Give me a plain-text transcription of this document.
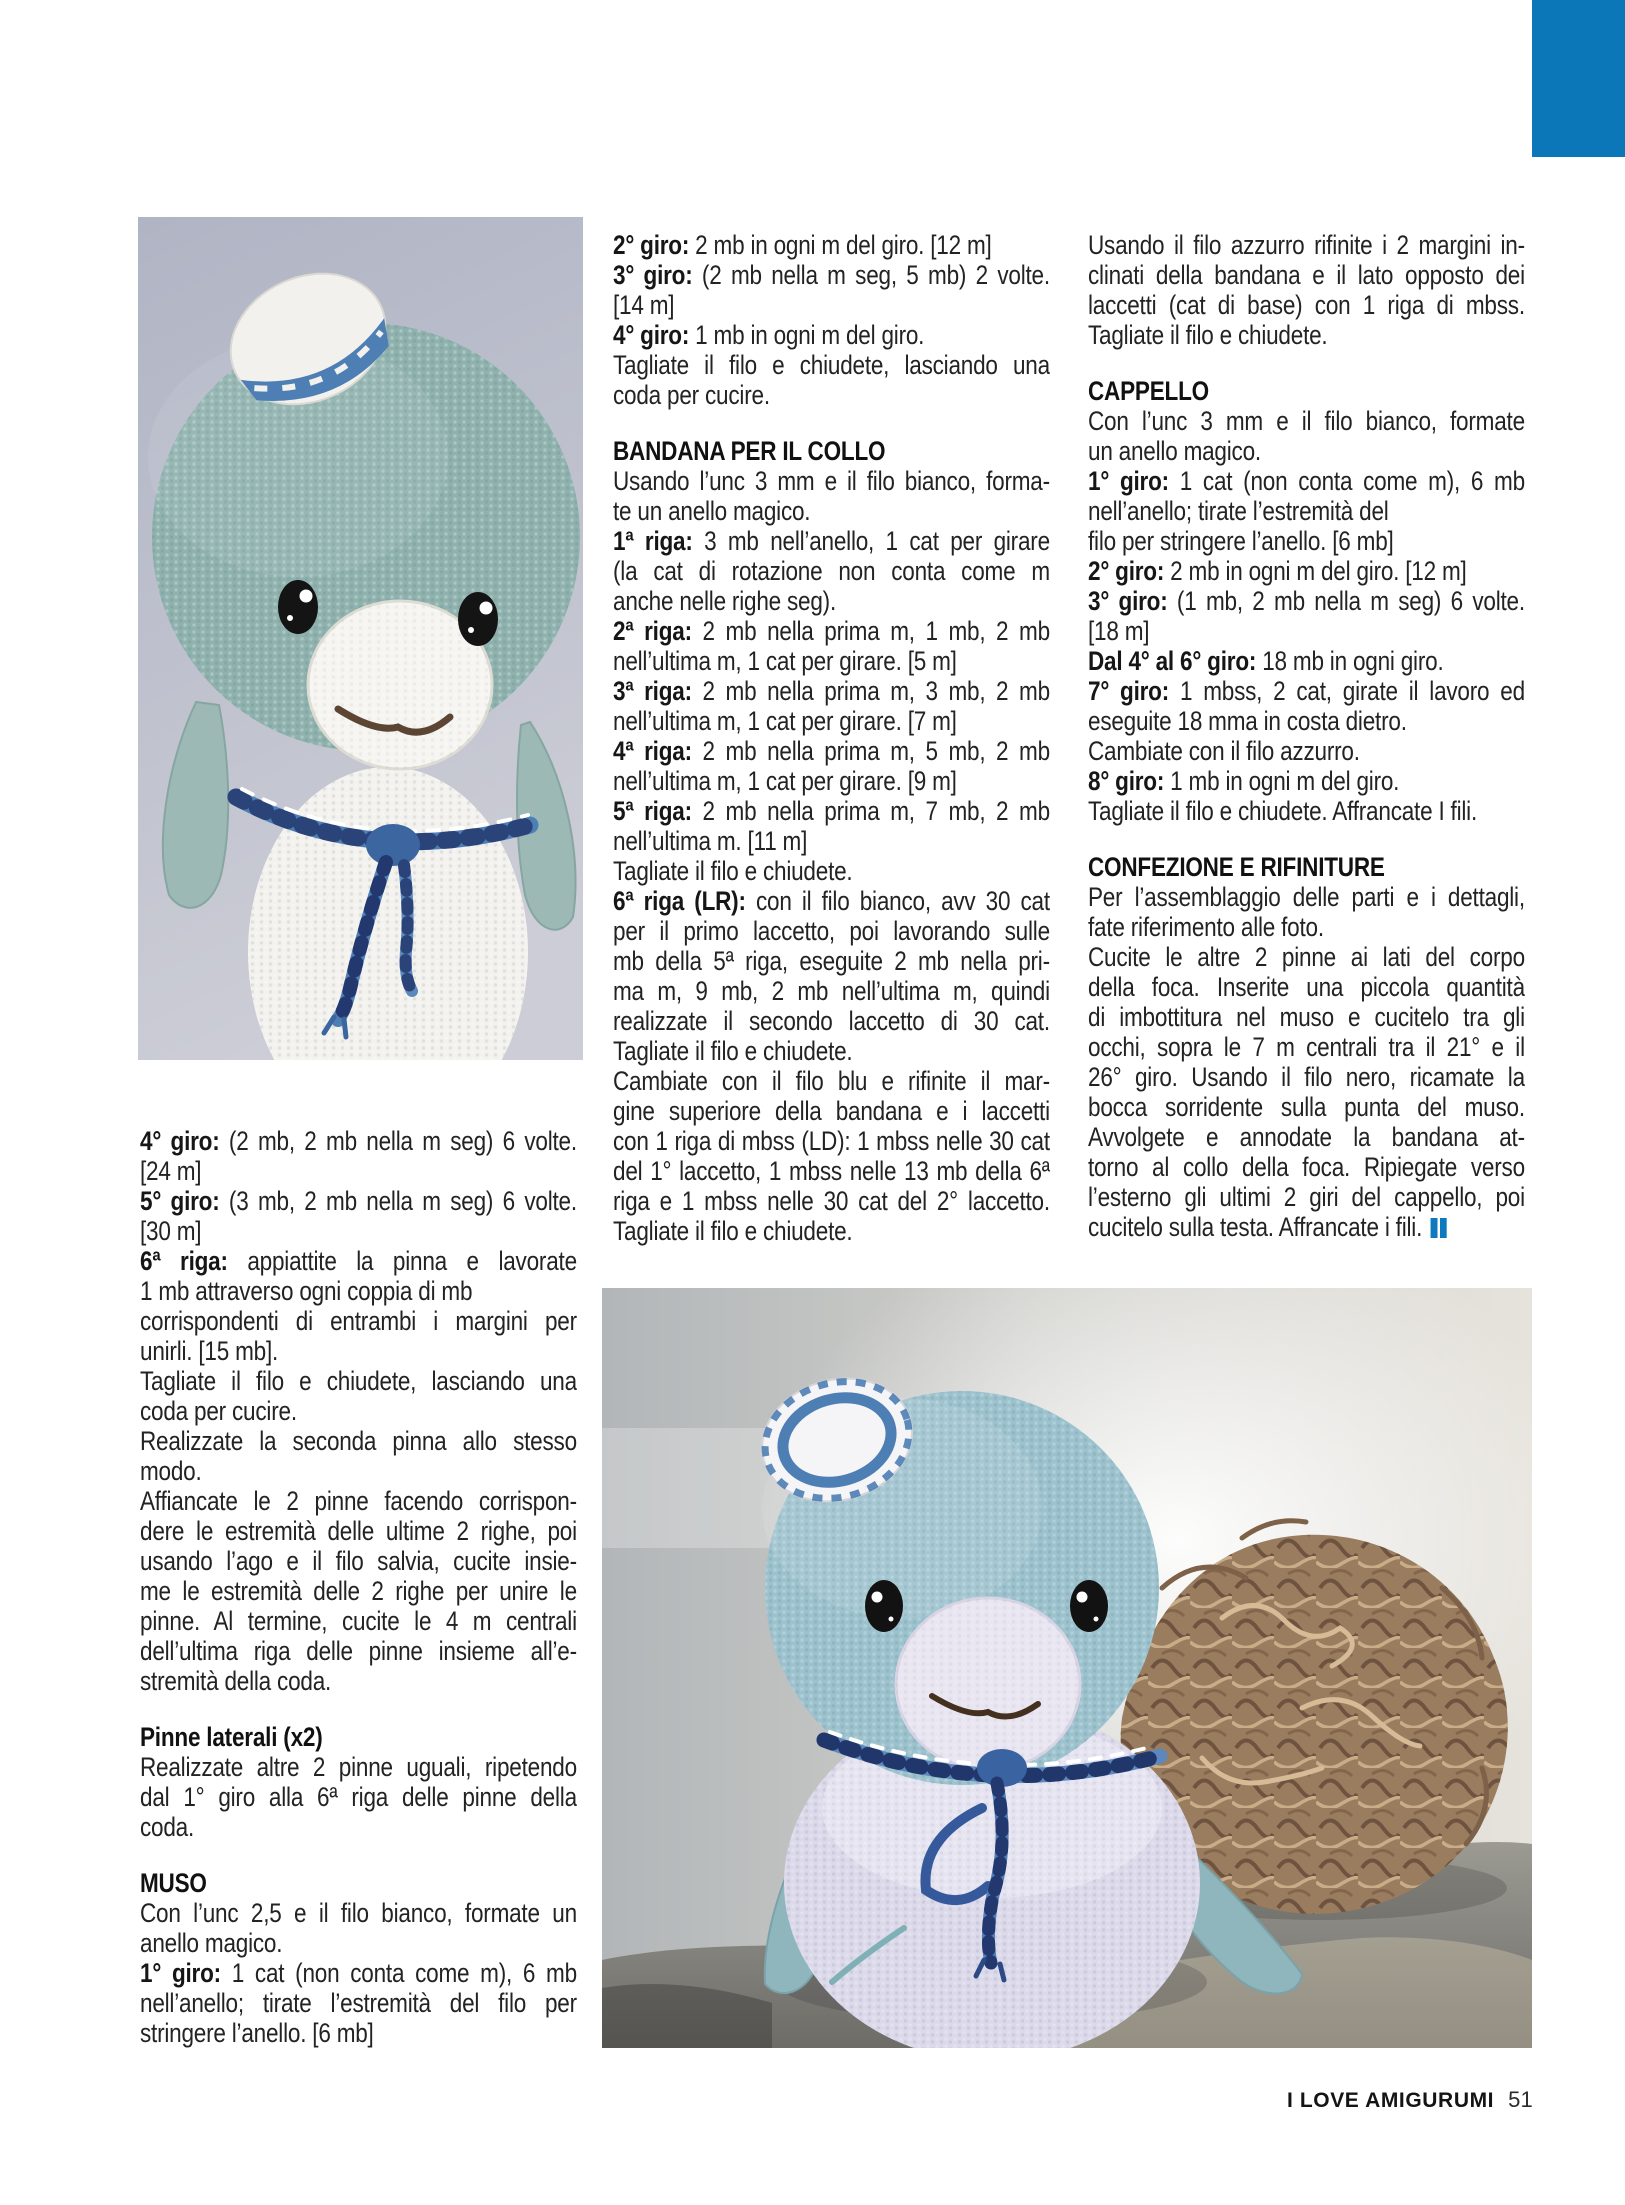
4° giro: (2 mb, 2 mb nella m seg) 6 volte.
[24 m]
5° giro: (3 mb, 2 mb nella m seg) 6 volte.
[30 m]
6ª riga: appiattite la pinna e lavorate
1 mb attraverso ogni coppia di mb
corrispondenti di entrambi i margini per
unirli. [15 mb].
Tagliate il filo e chiudete, lasciando una
coda per cucire.
Realizzate la seconda pinna allo stesso
modo.
Affiancate le 2 pinne facendo corrispon-
dere le estremità delle ultime 2 righe, poi
usando l’ago e il filo salvia, cucite insie-
me le estremità delle 2 righe per unire le
pinne. Al termine, cucite le 4 m centrali
dell’ultima riga delle pinne insieme all’e-
stremità della coda.
Pinne laterali (x2)
Realizzate altre 2 pinne uguali, ripetendo
dal 1° giro alla 6ª riga delle pinne della
coda.
MUSO
Con l’unc 2,5 e il filo bianco, formate un
anello magico.
1° giro: 1 cat (non conta come m), 6 mb
nell’anello; tirate l’estremità del filo per
stringere l’anello. [6 mb]
2° giro: 2 mb in ogni m del giro. [12 m]
3° giro: (2 mb nella m seg, 5 mb) 2 volte.
[14 m]
4° giro: 1 mb in ogni m del giro.
Tagliate il filo e chiudete, lasciando una
coda per cucire.
BANDANA PER IL COLLO
Usando l’unc 3 mm e il filo bianco, forma-
te un anello magico.
1ª riga: 3 mb nell’anello, 1 cat per girare
(la cat di rotazione non conta come m
anche nelle righe seg).
2ª riga: 2 mb nella prima m, 1 mb, 2 mb
nell’ultima m, 1 cat per girare. [5 m]
3ª riga: 2 mb nella prima m, 3 mb, 2 mb
nell’ultima m, 1 cat per girare. [7 m]
4ª riga: 2 mb nella prima m, 5 mb, 2 mb
nell’ultima m, 1 cat per girare. [9 m]
5ª riga: 2 mb nella prima m, 7 mb, 2 mb
nell’ultima m. [11 m]
Tagliate il filo e chiudete.
6ª riga (LR): con il filo bianco, avv 30 cat
per il primo laccetto, poi lavorando sulle
mb della 5ª riga, eseguite 2 mb nella pri-
ma m, 9 mb, 2 mb nell’ultima m, quindi
realizzate il secondo laccetto di 30 cat.
Tagliate il filo e chiudete.
Cambiate con il filo blu e rifinite il mar-
gine superiore della bandana e i laccetti
con 1 riga di mbss (LD): 1 mbss nelle 30 cat
del 1° laccetto, 1 mbss nelle 13 mb della 6ª
riga e 1 mbss nelle 30 cat del 2° laccetto.
Tagliate il filo e chiudete.
Usando il filo azzurro rifinite i 2 margini in-
clinati della bandana e il lato opposto dei
laccetti (cat di base) con 1 riga di mbss.
Tagliate il filo e chiudete.
CAPPELLO
Con l’unc 3 mm e il filo bianco, formate
un anello magico.
1° giro: 1 cat (non conta come m), 6 mb
nell’anello; tirate l’estremità del
filo per stringere l’anello. [6 mb]
2° giro: 2 mb in ogni m del giro. [12 m]
3° giro: (1 mb, 2 mb nella m seg) 6 volte.
[18 m]
Dal 4° al 6° giro: 18 mb in ogni giro.
7° giro: 1 mbss, 2 cat, girate il lavoro ed
eseguite 18 mma in costa dietro.
Cambiate con il filo azzurro.
8° giro: 1 mb in ogni m del giro.
Tagliate il filo e chiudete. Affrancate I fili.
CONFEZIONE E RIFINITURE
Per l’assemblaggio delle parti e i dettagli,
fate riferimento alle foto.
Cucite le altre 2 pinne ai lati del corpo
della foca. Inserite una piccola quantità
di imbottitura nel muso e cucitelo tra gli
occhi, sopra le 7 m centrali tra il 21° e il
26° giro. Usando il filo nero, ricamate la
bocca sorridente sulla punta del muso.
Avvolgete e annodate la bandana at-
torno al collo della foca. Ripiegate verso
l’esterno gli ultimi 2 giri del cappello, poi
cucitelo sulla testa. Affrancate i fili.
I LOVE AMIGURUMI 51
